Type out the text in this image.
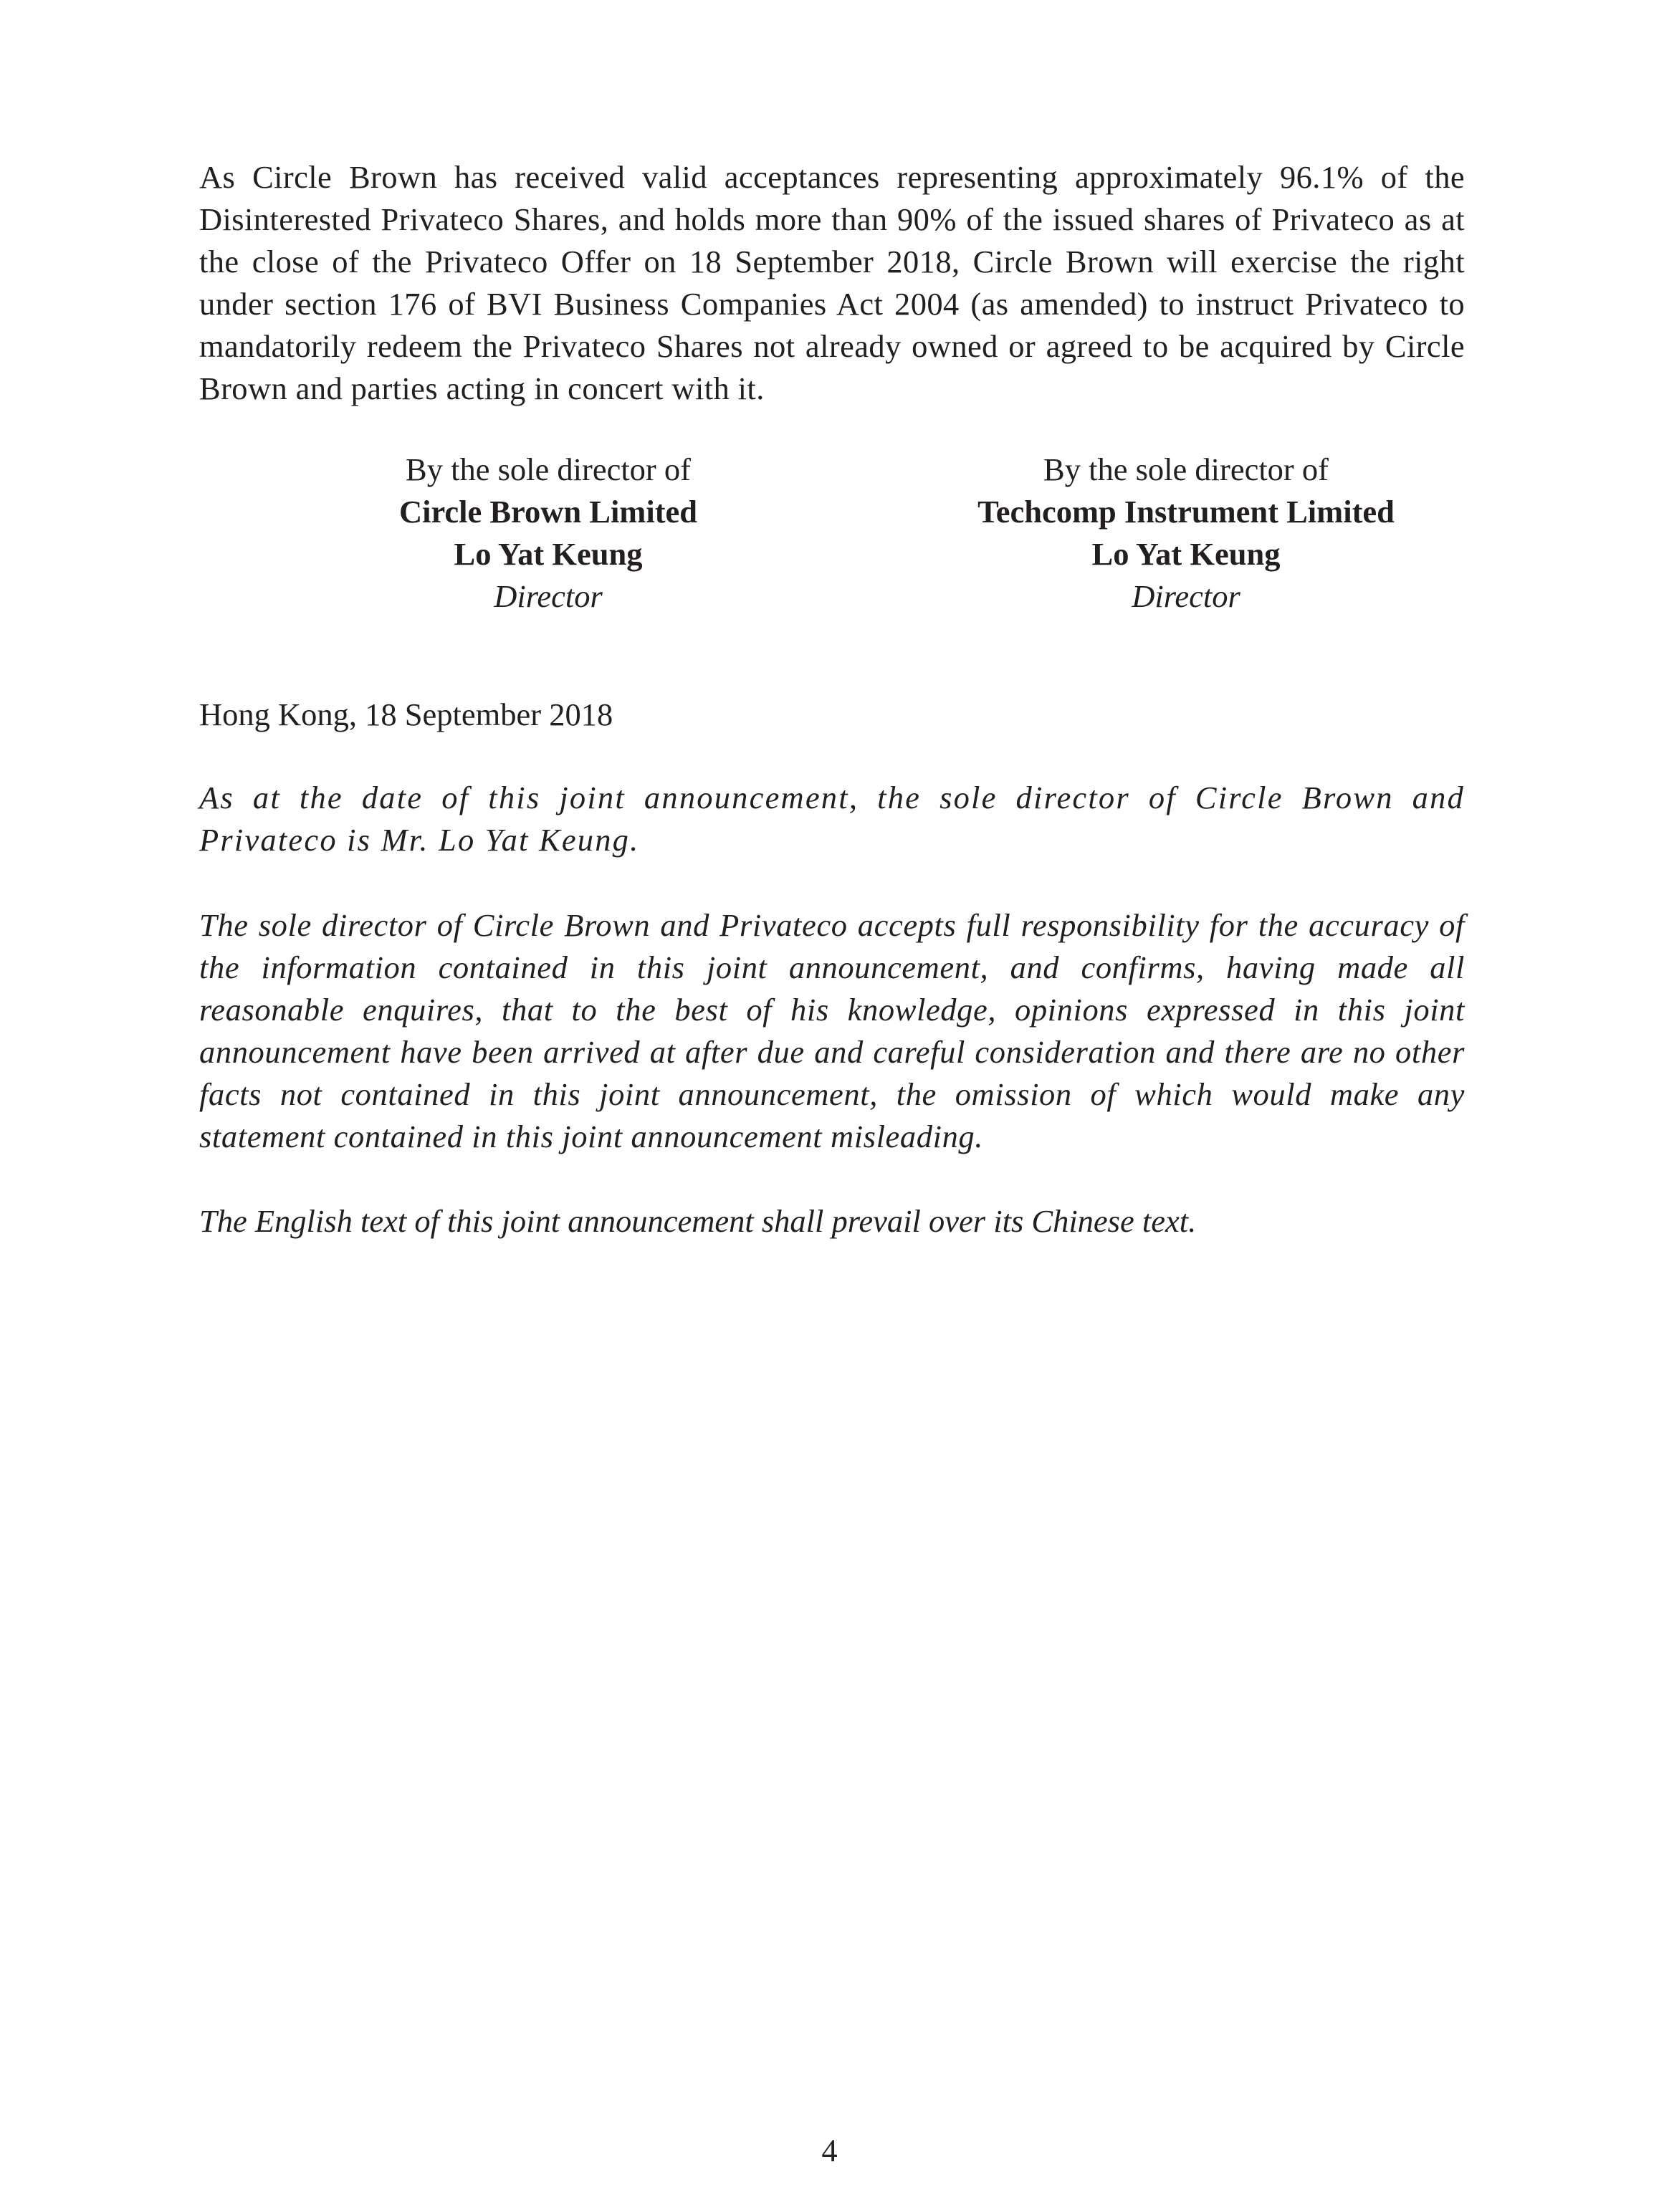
As Circle Brown has received valid acceptances representing approximately 96.1% of the Disinterested Privateco Shares, and holds more than 90% of the issued shares of Privateco as at the close of the Privateco Offer on 18 September 2018, Circle Brown will exercise the right under section 176 of BVI Business Companies Act 2004 (as amended) to instruct Privateco to mandatorily redeem the Privateco Shares not already owned or agreed to be acquired by Circle Brown and parties acting in concert with it.

By the sole director of
Circle Brown Limited
Lo Yat Keung
Director
By the sole director of
Techcomp Instrument Limited
Lo Yat Keung
Director

Hong Kong, 18 September 2018

As at the date of this joint announcement, the sole director of Circle Brown and Privateco is Mr. Lo Yat Keung.

The sole director of Circle Brown and Privateco accepts full responsibility for the accuracy of the information contained in this joint announcement, and confirms, having made all reasonable enquires, that to the best of his knowledge, opinions expressed in this joint announcement have been arrived at after due and careful consideration and there are no other facts not contained in this joint announcement, the omission of which would make any statement contained in this joint announcement misleading.

The English text of this joint announcement shall prevail over its Chinese text.

4
